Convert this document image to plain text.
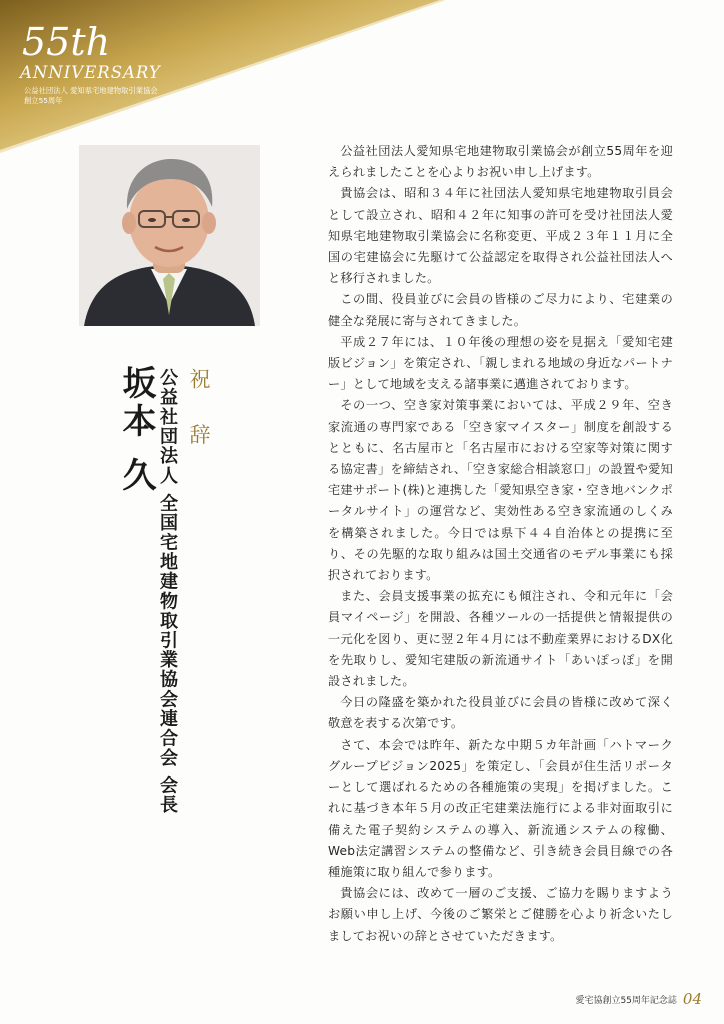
55th
ANNIVERSARY
公益社団法人 愛知県宅地建物取引業協会
創立55周年
祝 辞
公益社団法人 全国宅地建物取引業協会連合会 会長
坂本 久

公益社団法人愛知県宅地建物取引業協会が創立55周年を迎えられましたことを心よりお祝い申し上げます。

貴協会は、昭和３４年に社団法人愛知県宅地建物取引員会として設立され、昭和４２年に知事の許可を受け社団法人愛知県宅地建物取引業協会に名称変更、平成２３年１１月に全国の宅建協会に先駆けて公益認定を取得され公益社団法人へと移行されました。

この間、役員並びに会員の皆様のご尽力により、宅建業の健全な発展に寄与されてきました。

平成２７年には、１０年後の理想の姿を見据え「愛知宅建版ビジョン」を策定され、「親しまれる地域の身近なパートナー」として地域を支える諸事業に邁進されております。

その一つ、空き家対策事業においては、平成２９年、空き家流通の専門家である「空き家マイスター」制度を創設するとともに、名古屋市と「名古屋市における空家等対策に関する協定書」を締結され、「空き家総合相談窓口」の設置や愛知宅建サポート(株)と連携した「愛知県空き家・空き地バンクポータルサイト」の運営など、実効性ある空き家流通のしくみを構築されました。今日では県下４４自治体との提携に至り、その先駆的な取り組みは国土交通省のモデル事業にも採択されております。

また、会員支援事業の拡充にも傾注され、令和元年に「会員マイページ」を開設、各種ツールの一括提供と情報提供の一元化を図り、更に翌２年４月には不動産業界におけるDX化を先取りし、愛知宅建版の新流通サイト「あいぽっぽ」を開設されました。

今日の隆盛を築かれた役員並びに会員の皆様に改めて深く敬意を表する次第です。

さて、本会では昨年、新たな中期５カ年計画「ハトマークグループビジョン2025」を策定し、「会員が住生活リポーターとして選ばれるための各種施策の実現」を掲げました。これに基づき本年５月の改正宅建業法施行による非対面取引に備えた電子契約システムの導入、新流通システムの稼働、Web法定講習システムの整備など、引き続き会員目線での各種施策に取り組んで参ります。

貴協会には、改めて一層のご支援、ご協力を賜りますようお願い申し上げ、今後のご繁栄とご健勝を心より祈念いたしましてお祝いの辞とさせていただきます。

愛宅協創立55周年記念誌 04
